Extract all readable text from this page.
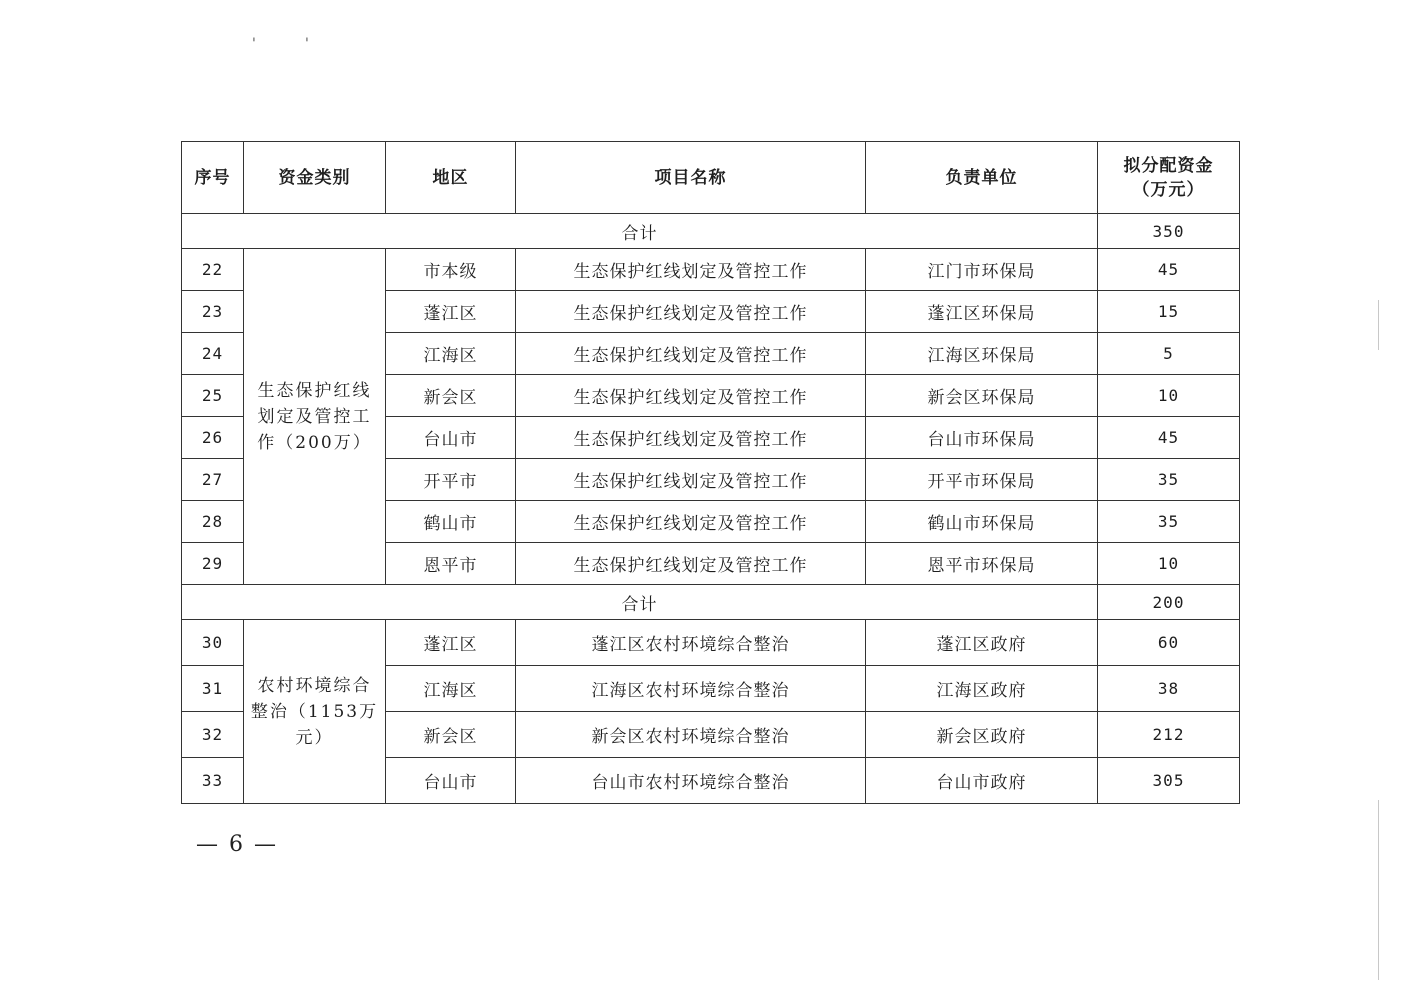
'	'
序号	资金类别	地区	项目名称	负责单位	拟分配资金
（万元）

合计					350
22	生态保护红线划定及管控工作（200万）	市本级	生态保护红线划定及管控工作	江门市环保局	45
23		蓬江区	生态保护红线划定及管控工作	蓬江区环保局	15
24		江海区	生态保护红线划定及管控工作	江海区环保局	5
25		新会区	生态保护红线划定及管控工作	新会区环保局	10
26		台山市	生态保护红线划定及管控工作	台山市环保局	45
27		开平市	生态保护红线划定及管控工作	开平市环保局	35
28		鹤山市	生态保护红线划定及管控工作	鹤山市环保局	35
29		恩平市	生态保护红线划定及管控工作	恩平市环保局	10
合计					200
30	农村环境综合整治（1153万元）	蓬江区	蓬江区农村环境综合整治	蓬江区政府	60
31		江海区	江海区农村环境综合整治	江海区政府	38
32		新会区	新会区农村环境综合整治	新会区政府	212
33		台山市	台山市农村环境综合整治	台山市政府	305
— 6 —
